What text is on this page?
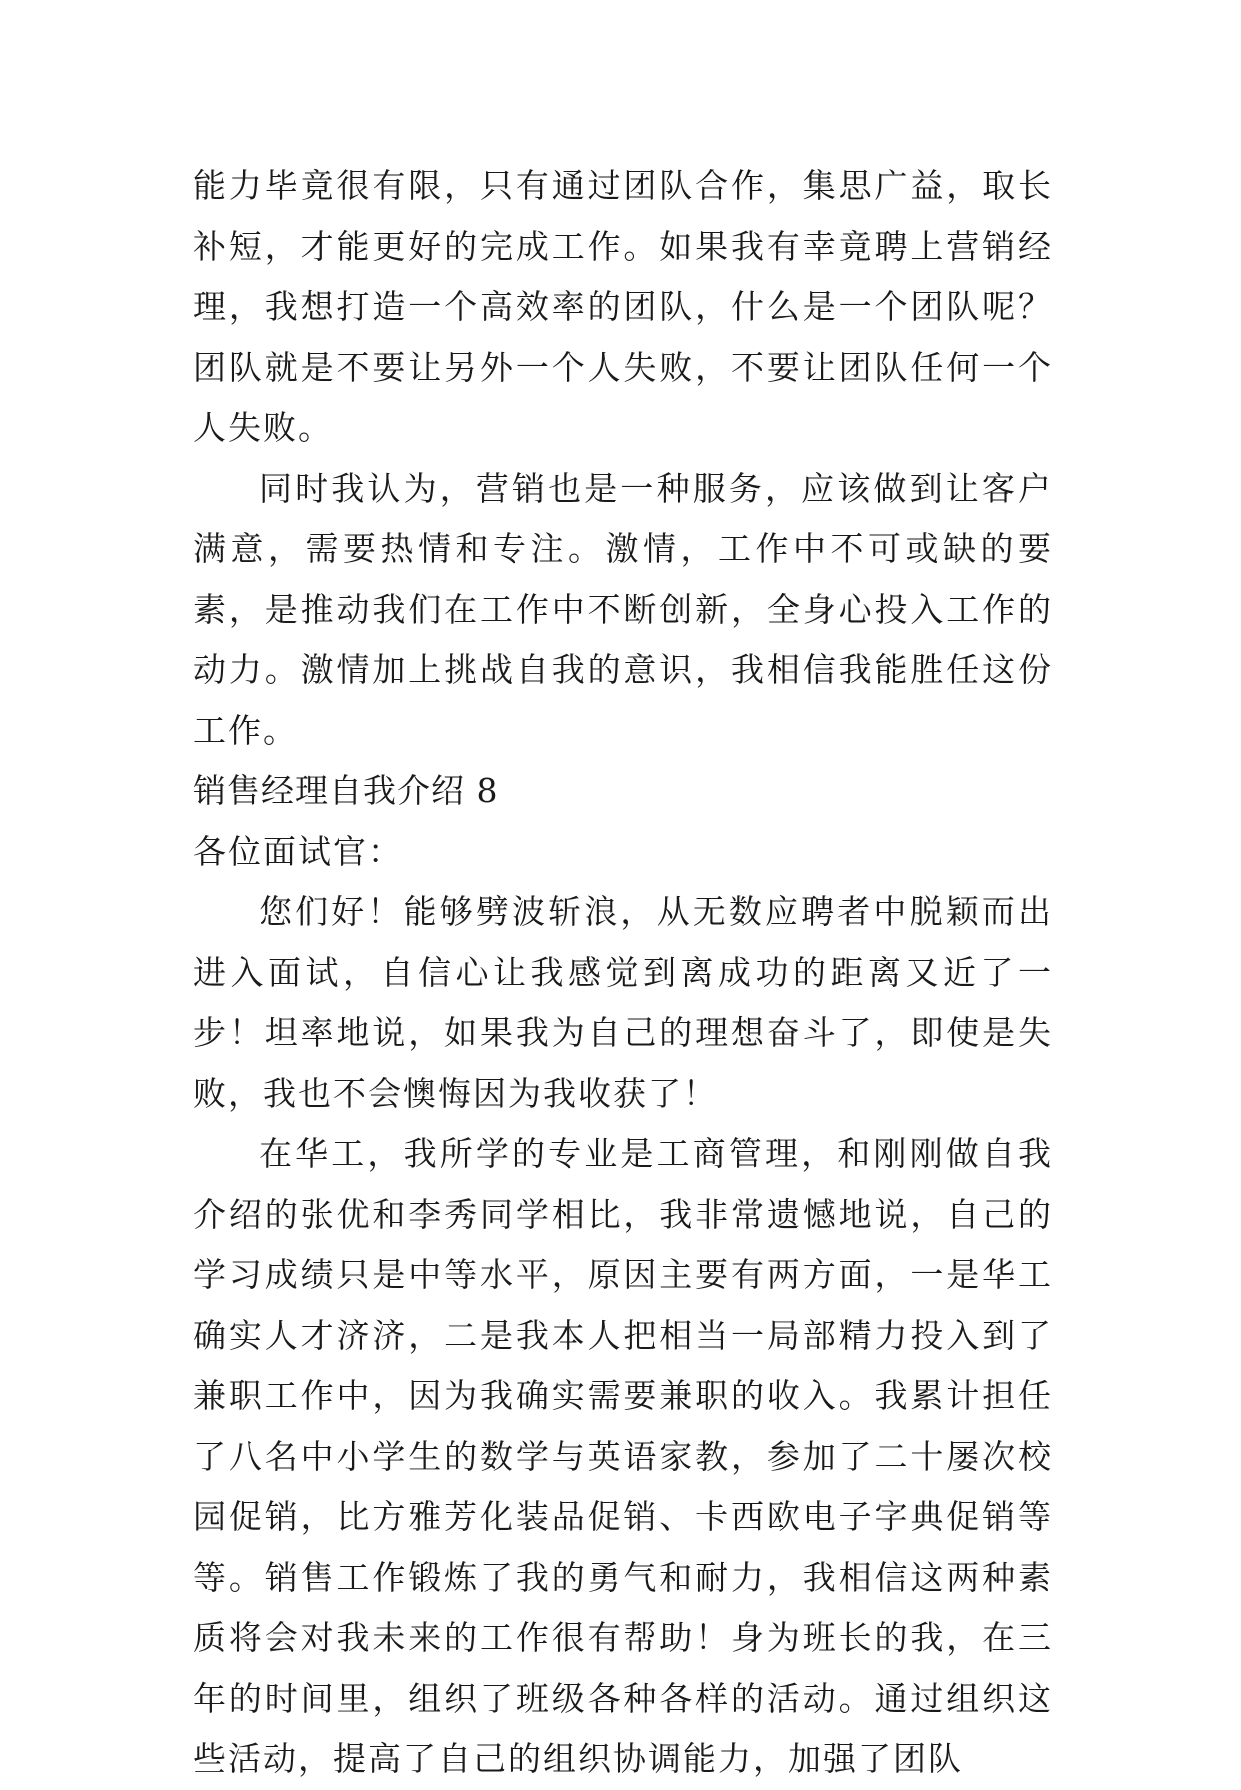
能力毕竟很有限，只有通过团队合作，集思广益，取长补短，才能更好的完成工作。如果我有幸竟聘上营销经理，我想打造一个高效率的团队，什么是一个团队呢？团队就是不要让另外一个人失败，不要让团队任何一个人失败。

同时我认为，营销也是一种服务，应该做到让客户满意，需要热情和专注。激情，工作中不可或缺的要素，是推动我们在工作中不断创新，全身心投入工作的动力。激情加上挑战自我的意识，我相信我能胜任这份工作。

销售经理自我介绍 8

各位面试官：

您们好！能够劈波斩浪，从无数应聘者中脱颖而出进入面试，自信心让我感觉到离成功的距离又近了一步！坦率地说，如果我为自己的理想奋斗了，即使是失败，我也不会懊悔因为我收获了！

在华工，我所学的专业是工商管理，和刚刚做自我介绍的张优和李秀同学相比，我非常遗憾地说，自己的学习成绩只是中等水平，原因主要有两方面，一是华工确实人才济济，二是我本人把相当一局部精力投入到了兼职工作中，因为我确实需要兼职的收入。我累计担任了八名中小学生的数学与英语家教，参加了二十屡次校园促销，比方雅芳化装品促销、卡西欧电子字典促销等等。销售工作锻炼了我的勇气和耐力，我相信这两种素质将会对我未来的工作很有帮助！身为班长的我，在三年的时间里，组织了班级各种各样的活动。通过组织这些活动，提高了自己的组织协调能力，加强了团队
